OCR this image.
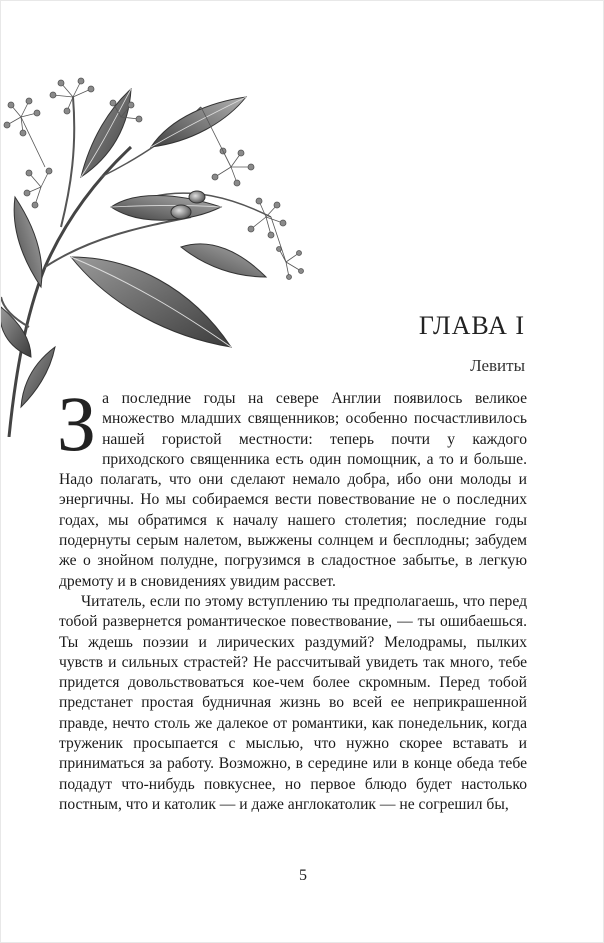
ГЛАВА I
Левиты

За последние годы на севере Англии появилось великое множество младших священников; особенно посчастливилось нашей гористой местности: теперь почти у каждого приходского священника есть один помощник, а то и больше. Надо полагать, что они сделают немало добра, ибо они молоды и энергичны. Но мы собираемся вести повествование не о последних годах, мы обратимся к началу нашего столетия; последние годы подернуты серым налетом, выжжены солнцем и бесплодны; забудем же о знойном полудне, погрузимся в сладостное забытье, в легкую дремоту и в сновидениях увидим рассвет.

Читатель, если по этому вступлению ты предполагаешь, что перед тобой развернется романтическое повествование, — ты ошибаешься. Ты ждешь поэзии и лирических раздумий? Мелодрамы, пылких чувств и сильных страстей? Не рассчитывай увидеть так много, тебе придется довольствоваться кое-чем более скромным. Перед тобой предстанет простая будничная жизнь во всей ее неприкрашенной правде, нечто столь же далекое от романтики, как понедельник, когда труженик просыпается с мыслью, что нужно скорее вставать и приниматься за работу. Возможно, в середине или в конце обеда тебе подадут что-нибудь повкуснее, но первое блюдо будет настолько постным, что и католик — и даже англокатолик — не согрешил бы,

5
